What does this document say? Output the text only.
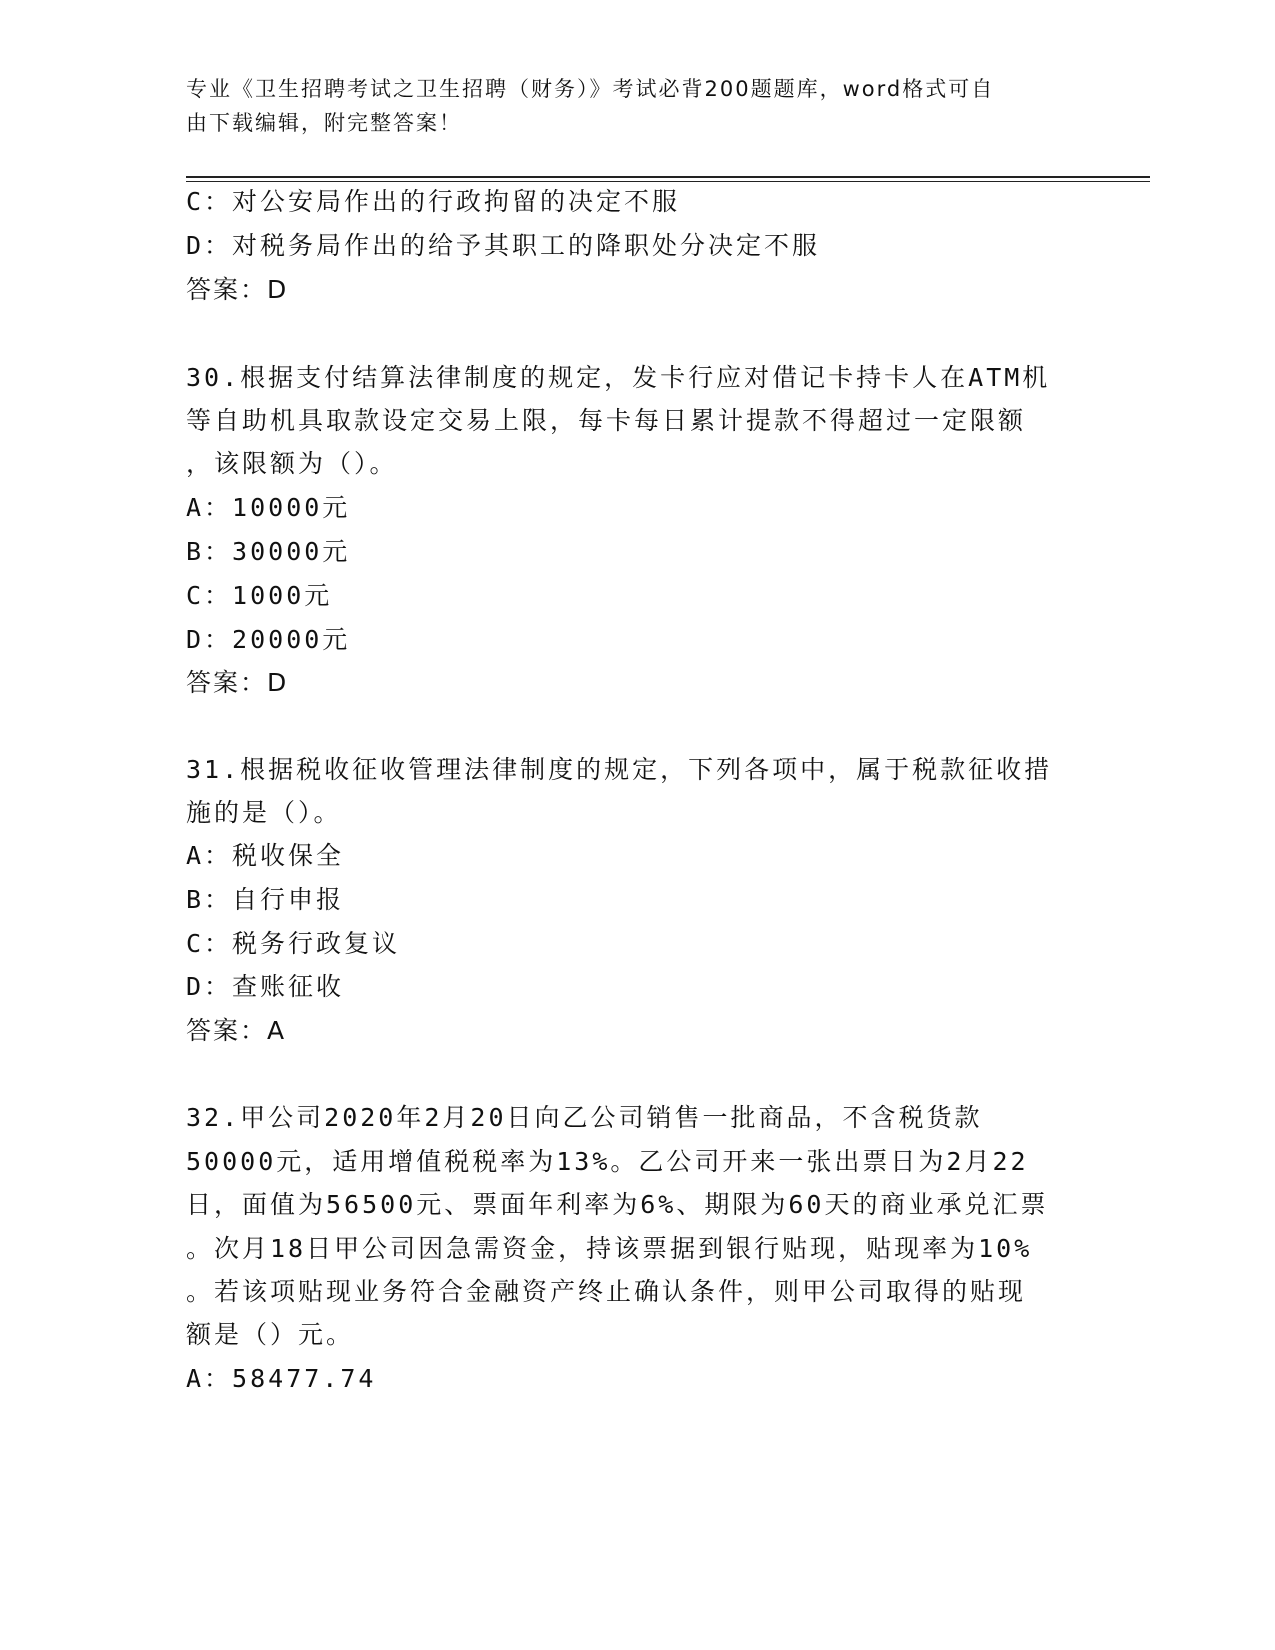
专业《卫生招聘考试之卫生招聘（财务）》考试必背200题题库，word格式可自
由下载编辑，附完整答案！
C：对公安局作出的行政拘留的决定不服
D：对税务局作出的给予其职工的降职处分决定不服
答案：D
30.根据支付结算法律制度的规定，发卡行应对借记卡持卡人在ATM机
等自助机具取款设定交易上限，每卡每日累计提款不得超过一定限额
，该限额为（）。
A：10000元
B：30000元
C：1000元
D：20000元
答案：D
31.根据税收征收管理法律制度的规定，下列各项中，属于税款征收措
施的是（）。
A：税收保全
B：自行申报
C：税务行政复议
D：查账征收
答案：A
32.甲公司2020年2月20日向乙公司销售一批商品，不含税货款
50000元，适用增值税税率为13%。乙公司开来一张出票日为2月22
日，面值为56500元、票面年利率为6%、期限为60天的商业承兑汇票
。次月18日甲公司因急需资金，持该票据到银行贴现，贴现率为10%
。若该项贴现业务符合金融资产终止确认条件，则甲公司取得的贴现
额是（）元。
A：58477.74
